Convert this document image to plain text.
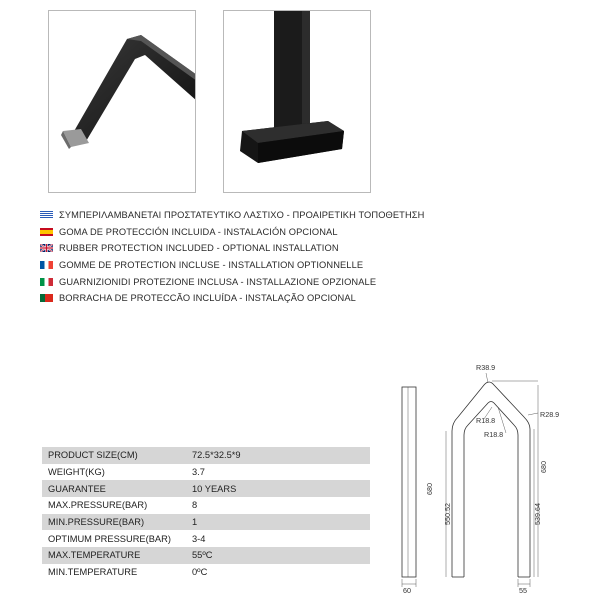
ΣΥΜΠΕΡΙΛΑΜΒΑΝΕΤΑΙ ΠΡΟΣΤΑΤΕΥΤΙΚΟ ΛΑΣΤΙΧΟ - ΠΡΟΑΙΡΕΤΙΚΗ ΤΟΠΟΘΕΤΗΣΗ
GOMA DE PROTECCIÓN INCLUIDA - INSTALACIÓN OPCIONAL
RUBBER PROTECTION INCLUDED - OPTIONAL INSTALLATION
GOMME DE PROTECTION INCLUSE - INSTALLATION OPTIONNELLE
GUARNIZIONIDI PROTEZIONE INCLUSA - INSTALLAZIONE OPZIONALE
BORRACHA DE PROTECCÃO INCLUÍDA - INSTALAÇÃO OPCIONAL
PRODUCT SIZE(CM)	72.5*32.5*9
WEIGHT(KG)	3.7
GUARANTEE	10 YEARS
MAX.PRESSURE(BAR)	8
MIN.PRESSURE(BAR)	1
OPTIMUM PRESSURE(BAR)	3-4
MAX.TEMPERATURE	55ºC
MIN.TEMPERATURE	0ºC
R38.9
R28.9
R18.8
R18.8
680
550.52
680
539.64
60	55
